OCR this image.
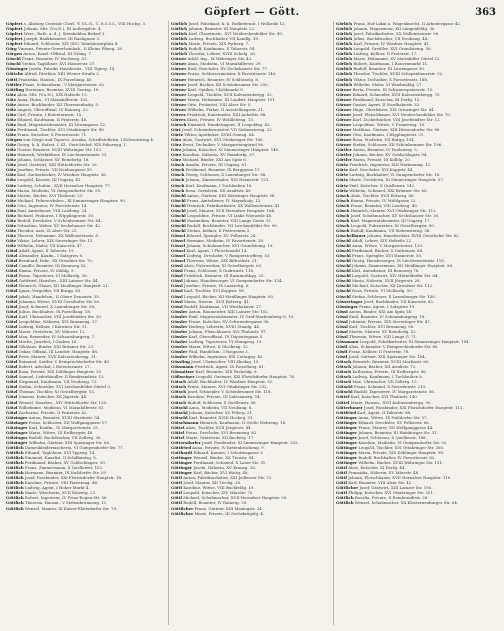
Göpfert — Gött.	363
Göpfert s. Alsburg Centrale Cherl. ©.V.L.G., C. 8.3.3.2., VIII Hochg. 3.
Göpfert Johann, Mtr. (V.u.N.), III Außergalstr. 4.
Göpfert Wwe., Rath. a. d. J. Steinkohlen Bedarf 3.
Göpfert Joseph, Bankbeamter, III Raaligasse 3.
Göpfert Eduard, Schlosser. XIV (XV.) Tannhäuserplatz 4.
Görg Vinzenz, Private-Gewerbeinhab., II Kleine Pfarrg. 28.
Görgen Anton, Kanzl.-Offizial, III Grüng. 7.
Göschl Franz, Beamter, IV Hochweg. 53.
Göschl Stefan, Taglöhner, XVI Hasnerstr. 27.
Gössinger Josefa, Fabriks Hausbesitz., VIII Tigerg. 14.
Göttche Alfred, Direktor, XIII Wiener Straße 2.
Göttl Franziska, Hausm., IX Porzellang. 40.
Göttler Franz, Schneiderm., V Margaretenstr. 62.
Göttling Hermann, Beamter, XVIII Gentzg. 19.
Götz Alois, Mtr. (V.u.N.), XIX Hofzeile 13.
Götz Anna, Hutm., VI Mariahilferstr. 103.
Götz Anton, Buchbinder, XII Theresienbadg. 5.
Götz August, Oberoffizial, IV Rainerg. 22.
Götz Carl, Private, I Rotenturmstr. 15.
Götz Eduard, Kaufmann, II Praterstr. 48.
Götz Emil, Magistratsbeamter, III Löwengasse 12.
Götz Ferdinand, Tischler, XVI Ottakringer Str. 88.
Götz Franz, Kutscher, X Favoritenstr. 71.
Görgen von Görgö und Toporcz, Aranka, Schriftstellerin, I Kolowratring 4.
Götz Georg, k. k. Hofrat, I. Kl., Gerichtshof. XIX Pokornyg. 1.
Götz Gustav, Beamter, XVIII Währinger Str. 103.
Götz Heinrich, Werkführer, IX Liechtensteinstr. 51.
Götz Johann, Schlosser, XV Reindorfg. 18.
Götz Josef, Gastwirt, XIII Hütteldorfer Str. 20.
Götz Josefine, Private, VII Neubaugasse 55.
Götz Karl, Zuckerbäcker, IV Wiedner Hauptstr. 36.
Götz Leopold, Kassier, III Ungarg. 41.
Götz Ludwig, Schuhm., XVII Hernalser Hauptstr. 77.
Götz Maria, Modistin, VI Gumpendorfer Str. 59.
Götz Martin, Bäcker, XVI Thaliastr. 33.
Götz Michael, Fuhrwerksbes., XI Simmeringer Hauptstr. 90.
Götz Otto, Ingenieur, IV Favoritenstr. 14.
Götz Paul, Amtsdiener, VIII Laudong. 24.
Götz Richard, Prokurist, I Wipplingerstr. 30.
Götz Rudolf, Drechsler, V Schönbrunner Str. 64.
Götz Sebastian, Weber, XV Sechshauser Str. 42.
Götz Theodor, Arzt, IX Alser Str. 25.
Götz Therese, Hebamme, XX Wallensteinstr. 8.
Götz Viktor, Lehrer, XIX Sieveringer Str. 11.
Götz Wilhelm, Maler, VII Kaiserstr. 47.
Götzl Adolf, Agent, II Taborstr. 19.
Götzl Alexander, Kaufm., I Salzgries 6.
Götzl Bernhard, Fabr., XX Dresdner Str. 70.
Götzl Camillo, Beamter, III Rennweg 52.
Götzl Emma, Private, IV Mühlg. 9.
Götzl Franz, Tapezierer, VI Mollardg. 36.
Götzl Gottfried, Hausbes., XIII Lainzer Str. 44.
Götzl Heinrich, Glaser, XII Meidlinger Hauptstr. 21.
Götzl Ignaz, Vergolder, VII Burgg. 63.
Götzl Jakob, Handelsm., II Obere Donaustr. 35.
Götzl Johanna, Witwe, XVIII Gersthofer Str. 60.
Götzl Josef, Schmied, X Laxenburger Str. 58.
Götzl Julius, Buchhalter, IX Porzellang. 18.
Götzl Karl, Uhrmacher, VIII Josefstädter Str. 39.
Götzl Leopoldine, Näherin, XVI Brunneng. 27.
Götzl Ludwig, Kellner, I Kärntner Str. 51.
Götzl Marie, Greislerin, XV Märzstr. 12.
Götzl Max, Reisender, IV Schaumburgerg. 7.
Götzl Moritz, Juwelier, I Graben 16.
Götzl Nikolaus, Binder, XXI Brünner Str. 23.
Götzl Oskar, Offizial, III Landstr. Hauptstr. 88.
Götzl Peter, Maurer, XVII Kalvarienbergg. 31.
Götzl Raimund, Sattler, V Reinprechtsdorfer Str. 40.
Götzl Robert, Advokat, I Rotenturmstr. 27.
Götzl Rosa, Private, XIX Döblinger Hauptstr. 55.
Götzl Samuel, Lederhändler, II Rembrandtstr. 13.
Götzl Siegmund, Kaufmann, VII Neubaug. 72.
Götzl Stefan, Schneider, XVI Lerchenfelder Gürtel 9.
Götzl Thomas, Tischler, XI Geiselbergstr. 15.
Götzl Vinzenz, Kutscher, XX Jägerstr. 44.
Götzl Wenzel, Hausbes., XIV Hütteldorfer Str. 120.
Götzl Wilhelmine, Modistin, VI Mariahilferstr. 81.
Götzl Zacharias, Private, II Praterstr. 62.
Götzinger Anton, Beamter, XVIII Martinstr. 34.
Götzinger Franz, Schlosser, XII Wolfganggasse 17.
Götzinger Karl, Kaufm., IV Margaretenstr. 25.
Götzinger Maria, Witwe, III Erdbergstr. 48.
Götzinger Rudolf, Buchdrucker, VII Zollerg. 30.
Götzinger Wilhelm, Gärtner, XIII Speisinger Str. 66.
Göttlich Damenkleidermacherin, VI Gumpendorfer Str. 77.
Göttlich Eduard, Taglöhner, XVI Yppeng. 14.
Göttlich Emanuel, Kanzlist, II Schiffamtsg. 8.
Göttlich Ferdinand, Bäcker, XV Goldschlagstr. 39.
Göttlich Franz, Zimmermann, X Quellenstr. 102.
Göttlich Hermann, Beamter, IX Nußdorfer Str. 29.
Göttlich Josef, Fassbinder, XXI Floridsdorfer Hauptstr. 18.
Göttlich Karoline, Private, VIII Piaristeng. 46.
Göttlich Ludwig, Agent, I Hoher Markt 4.
Göttlich Marie, Wäscherin, XVII Rötzerg. 23.
Göttlich Robert, Ingenieur, IV Prinz-Eugen-Str. 56.
Göttlich Theresia, Hausm., V Siebenbrunneng. 11.
Göttlich Wenzel, Maurer, XI Kaiser-Ebersdorfer Str. 79.
Görlich Josef, Fabrikant, k. k. Hoflieferant, I Wollzeile 12.
Görlich Johann, Beamter, III Hauptstr. 22.
Görlich Karl, Glasermstr., XVI Neulerchenfelder Str. 40.
Görlich Ludwig, Buchhalter, VII Kandlg. 18.
Görlich Marie, Private, XIX Pyrkerg. 7.
Görlich Rudolf, Kaufmann, II Taborstr. 54.
Görlich Theodor, Lehrer, XVIII Schulg. 36.
Görner Adolf, Ing., IX Währinger Str. 43.
Görner Anna, Modistin, VI Mariahilferstr. 29.
Görner Emil, Drechsler, XV Sechshauser Str. 77.
Görner Franz, Schlossermeister, X Favoritenstr. 140.
Görner Heinrich, Beamter, IV Schlüsselg. 8.
Görner Josef, Bäcker, XII Schönbrunner Str. 250.
Görner Karl, Optiker, I Kohlmarkt 9.
Görner Leopold, Tischler, XVII Kalvarienbergg. 52.
Görner Maria, Hebamme, III Landstr. Hauptstr. 101.
Görner Otto, Prokurist, VIII Alser Str. 5.
Görner Wilhelm, Fiaker, II Ausstellungsstr. 31.
Görres Friedrich, Kunstmaler, XIII Auhofstr. 88.
Görres Klara, Private, IV Wohllebeng. 13.
Görsch Emanuel, Handelsagent, II Leopoldsg. 42.
Gört Josef, Schneidermeister, VII Siebensterng. 22.
Görtz Viktor, Apotheker, XVIII Gentzg. 64.
Görz Alois, Gastwirt, XVI Ottakringer Str. 180.
Görz Ernst, Techniker, V Margaretengürtel 96.
Görz Johann, Kutscher, XI Simmeringer Hauptstr. 140.
Görz Karoline, Näherin, XV Reindorfg. 37.
Görz Michael, Binder, XXI Am Spitz 6.
Gösch Amalie, Private, III Ungarg. 61.
Gösch Ferdinand, Beamter, IX Berggasse 17.
Gösch Georg, Schlosser, X Laxenburger Str. 94.
Gösch Johann, Zimmermaler, XVI Hasnerstr. 121.
Gösch Karl, Kaufmann, I Tuchlauben 18.
Gösch Rosa, Greislerin, XII Arndtstr. 49.
Göschl Anton, Gärtner, XIII Hietzinger Hauptstr. 58.
Göschl Franz, Amtsdiener, IV Mayerhofg. 12.
Göschl Heinrich, Fabrikarbeiter, XX Wallensteinstr. 41.
Göschl Josef, Maurer, XVII Hernalser Hauptstr. 164.
Göschl Leopoldine, Private, VI Linke Wienzeile 48.
Göschl Maximilian, Beamter, VIII Lange Gasse 33.
Göschl Rudolf, Buchbinder, VII Lerchenfelder Str. 99.
Göschl Stefan, Kellner, II Praterstern 2.
Gössel Eduard, Spengler, XV Felberstr. 24.
Gössel Hermine, Modistin, IV Favoritenstr. 38.
Gössel Johann, Schuhmacher, XVI Grundsteing. 19.
Gössel Karl, Agent, I Fleischmarkt 14.
Gössel Ludwig, Drechsler, V Ramperstorfferg. 53.
Gössel Theresia, Witwe, XIX Billrothstr. 21.
Gössl Alois, Fuhrwerker, XI Geiselbergstr. 63.
Gössl Franz, Schlosser, X Gudrunstr. 118.
Gössl Friedrich, Beamter, III Rasumofskyg. 25.
Gössl Johann, Hausbesorger, VI Gumpendorfer Str. 134.
Gössl Josefine, Private, IX Lazarettg. 6.
Gössl Karl, Tischler, XVI Koppstr. 58.
Gössl Leopold, Bäcker, XII Meidlinger Hauptstr. 63.
Gössl Maria, Hausm., XVII Rötzerg. 41.
Gössl Rudolf, Kaufmann, VII Westbahnstr. 27.
Gössler Anton, Baumeister, XIII Lainzer Str. 152.
Gössler Emil, Magistratsbeamter, IV Graf-Starhemberg-G. 10.
Gössler Franz, Kutscher, XV Schwendergasse 36.
Gössler Hedwig, Lehrerin, XVIII Staudg. 44.
Gössler Johann, Fleischhauer, XVI Thaliastr. 97.
Gössler Karl, Oberoffizial, III Dapontegasse 5.
Gössler Ludwig, Tapezierer, VI Stumperg. 19.
Gössler Maria, Witwe, II Glockeng. 12.
Gössler Paul, Handelsm., I Rotgasse 3.
Gössler Wilhelm, Ingenieur, XIX Cottageg. 40.
Gössling Josef, Uhrmacher, VIII Skodag. 15.
Gössmann Friedrich, Agent, IX Porzellang. 61.
Gössnitzer Karl, Beamter, XIII Fasholdg. 9.
Gößweiner Leopold, Gastwirt, XXI Floridsdorfer Hauptstr. 76.
Götsch Adolf, Buchhalter, IV Wiedner Hauptstr. 92.
Götsch Franz, Maurer, XVI Ottakringer Str. 232.
Götsch Josef, Schneider, V Schönbrunner Str. 118.
Götsch Karoline, Private, III Salesianerg. 14.
Götsch Rudolf, Schlosser, X Quellenstr. 56.
Götschl Anna, Modistin, VII Neubaug. 8.
Götschl Johann, Kutscher, XV Pillerg. 21.
Götschl Karl, Beamter, XVIII Hockeg. 31.
Götschmann Heinrich, Kaufmann, II Große Mohreng. 16.
Göttel Alois, Tischler, XVII Jörgerstr. 44.
Göttel Franz, Drechsler, XVI Brunneng. 62.
Göttel Marie, Greislerin, XII Ruckerg. 17.
Göttersdorfer Josef, Fassbinder, XI Simmeringer Hauptstr. 202.
Göttfried Anna, Private, IV Kettenbrückeng. 9.
Gotthardt Eduard, Kassier, I Schottengasse 3.
Gottinger Wenzel, Binder, XX Treustr. 84.
Göttinger Ferdinand, Schmied, X Laaer Str. 31.
Göttinger Josefa, Näherin, XV Kranzg. 26.
Göttinger Karl, Bäcker, XVI Wattg. 48.
Göttl Anton, Fabriksarbeiter, XXI Jedleseer Str. 73.
Göttl Josef, Maurer, XII Tivolig. 28.
Göttl Karoline, Witwe, VIII Buchfeldg. 19.
Göttl Leopold, Kutscher, XIV Märzstr. 75.
Göttl Michael, Schuhmacher, XVII Hernalser Hauptstr. 58.
Göttl Rudolf, Beamter, IV Rainerg. 39.
Göttlicher Franz, Gärtner, XIII Maxingstr. 24.
Göttlicher Marie, Private, III Sechskrügelg. 4.
Görlich Franz, Hof-Lakai u. Wagenknecht, II Arbeitergasse 42.
Görlich Johann, Magazineur, XII Längenfeldg. 30.
Görlich Josef, Fabrikarbeiter, XX Wallensteinstr. 96.
Görlich Julius, Buchdrucker, VII Neubaug. 44.
Görlich Karl, Friseur, IV Wiedner Hauptstr. 41.
Görlich Leopold, Greißler, XVI Grundsteing. 58.
Görlich Ludwig, Kellner, II Praterstr. 17.
Görlich Marie, Hebamme, XV Mariahilfer Gürtel 22.
Görlich Robert, Kaufmann, I Bauernmarkt 11.
Görlich Rudolf, Beamter, III Löwengasse 30.
Görlich Theodor, Tischler, XVIII Schopenhauerstr. 52.
Görlich Viktor, Techniker, X Favoritenstr. 188.
Görlich Wilhelm, Maler, VI Windmühlg. 27.
Görner Berta, Private, IX Schwarzspanierstr. 15.
Görner Eduard, Schneider, XVII Kalvarienbergg. 70.
Görner Ferdinand, Kutscher, XI Dorfg. 12.
Görner Gustav, Agent, II Nordbahnstr. 32.
Görner Hugo, Oberlehrer, XIX Grinzinger Str. 44.
Görner Josef, Fleischhauer, XVI Neulerchenfelder Str. 70.
Görner Karl, Zuckerbäcker, VIII Josefstädter Str. 12.
Görner Leopoldine, Witwe, V Franzensg. 18.
Görner Matthias, Gärtner, XIII Hetzendorfer Str. 88.
Görner Otto, Kaufmann, I Wipplingerstr. 21.
Görner Rosa, Modistin, VII Burgg. 104.
Görner Stefan, Schlosser, XII Schönbrunner Str. 196.
Görtler Anton, Beamter, IV Paulanerg. 5.
Görtler Johann, Bäcker, XV Goldschlagstr. 94.
Görtler Maria, Private, III Kölblg. 20.
Görtz Friedrich, Ingenieur, XIII Wattmanng. 12.
Görtz Karl, Drechsler, XVI Koppstr. 44.
Görtz Ludwig, Buchhalter, VI Gumpendorfer Str. 18.
Görtz Marie, Greislerin, XI Simmeringer Hauptstr. 57.
Görtz Paul, Kutscher, X Quellenstr. 142.
Görtz Wilhelm, Schmied, XXI Brünner Str. 60.
Gösch Alois, Tischler, XVII Rötzerg. 66.
Gösch Emma, Private, IV Mühlgasse 22.
Gösch Franz, Beamter, VIII Laudong. 48.
Gösch Heinrich, Maurer, XVI Ottakringer Str. 112.
Gösch Josef, Schuhmacher, XV Sechshauser Str. 30.
Gösch Karl, Magistratsbeamter, III Ungarg. 17.
Gösch Leopold, Fuhrwerker, XI Geiselbergstr. 90.
Gösch Rudolf, Kaufmann, VII Siebensterng. 38.
Göschelbauer Johann, Hausbesitzer, XVIII Gersthofer Str. 82.
Göschl Adolf, Lehrer, XIX Hofzeile 22.
Göschl Anna, Witwe, V Margaretenstr. 133.
Göschl Ferdinand, Bäcker, X Gudrunstr. 64.
Göschl Franz, Spengler, XVI Hasnerstr. 55.
Göschl Georg, Hausbesorger, IX Liechtensteinstr. 118.
Göschl Johann, Zimmermann, XII Meidlinger Hauptstr. 88.
Göschl Karl, Amtsdiener, III Rennweg 78.
Göschl Leopold, Gastwirt, XIV Hütteldorfer Str. 64.
Göschl Maria, Näherin, XVII Jörgerstr. 28.
Göschl Michael, Kutscher, XX Dresdner Str. 112.
Göschl Rosa, Private, VI Mollardg. 50.
Göschl Stefan, Schlosser, X Laxenburger Str. 130.
Gösseringer Josef, Buchbinder, VII Kaiserstr. 83.
Gössinger Franz, Agent, I Salzgries 19.
Gössl Anton, Binder, XXI Am Spitz 14.
Gössl Emil, Beamter, IV Schaumburgerg. 18.
Gössl Johanna, Private, XIX Sieveringer Str. 47.
Gössl Karl, Tischler, XVI Brunneng. 98.
Gössl Martin, Maurer, XV Reindorfg. 52.
Gössl Theresia, Witwe, VIII Lange G. 71.
Gössmann Leopold, Fabrikarbeiter, XI Simmeringer Hauptstr. 184.
Göstl Alois, Schneider, V Reinprechtsdorfer Str. 60.
Göstl Franz, Kellner, II Praterstr. 78.
Göstl Josef, Gärtner, XIII Speisinger Str. 104.
Götsch Heinrich, Beamter, XVIII Martinstr. 60.
Götsch Johann, Bäcker, XII Arndtstr. 72.
Götsch Katharina, Private, III Erdbergstr. 96.
Götsch Ludwig, Kaufmann, I Tuchlauben 8.
Götsch Max, Uhrmacher, VII Zollerg. 12.
Götschl Franz, Schmied, X Favoritenstr. 210.
Götschl Rudolf, Tapezierer, IV Margaretenstr. 56.
Göttel Karl, Kutscher, XVI Thaliastr. 140.
Göttel Marie, Hausm., XVII Kalvarienbergg. 90.
Götterbauer Josef, Fassbinder, XXI Floridsdorfer Hauptstr. 112.
Göttfried Karl, Agent, II Taborstr. 88.
Göttinger Anna, Witwe, IX Nußdorfer Str. 57.
Göttinger Eduard, Drechsler, XV Felberstr. 66.
Göttinger Franz, Maurer, XII Wolfganggasse 44.
Göttinger Johann, Beamter, III Hainburger Str. 31.
Göttinger Josef, Schlosser, X Quellenstr. 188.
Göttinger Karoline, Modistin, VI Gumpendorfer Str. 92.
Göttinger Leopold, Tischler, XVI Ottakringer Str. 260.
Göttinger Maria, Private, XIX Döblinger Hauptstr. 90.
Göttinger Rudolf, Buchhalter, IV Favoritenstr. 62.
Göttinger Wilhelm, Bäcker, XVIII Währinger Str. 151.
Göttl Alois, Kutscher, XI Dorfg. 44.
Göttl Franziska, Näherin, XV Märzstr. 48.
Göttl Johann, Fleischhauer, XVII Hernalser Hauptstr. 110.
Göttl Karl, Beamter, VIII Alser Str. 41.
Göttlicher Josef, Gastwirt, XIII Lainzer Str. 180.
Gottl Philipp, Kutscher, XVI Ottakringer Str. 301.
Göttlich Rosalia, Private, II Rembrandtstr. 28.
Göttlich Wenzel, Schuhmacher, XX Klosterneuburger Str. 64.
